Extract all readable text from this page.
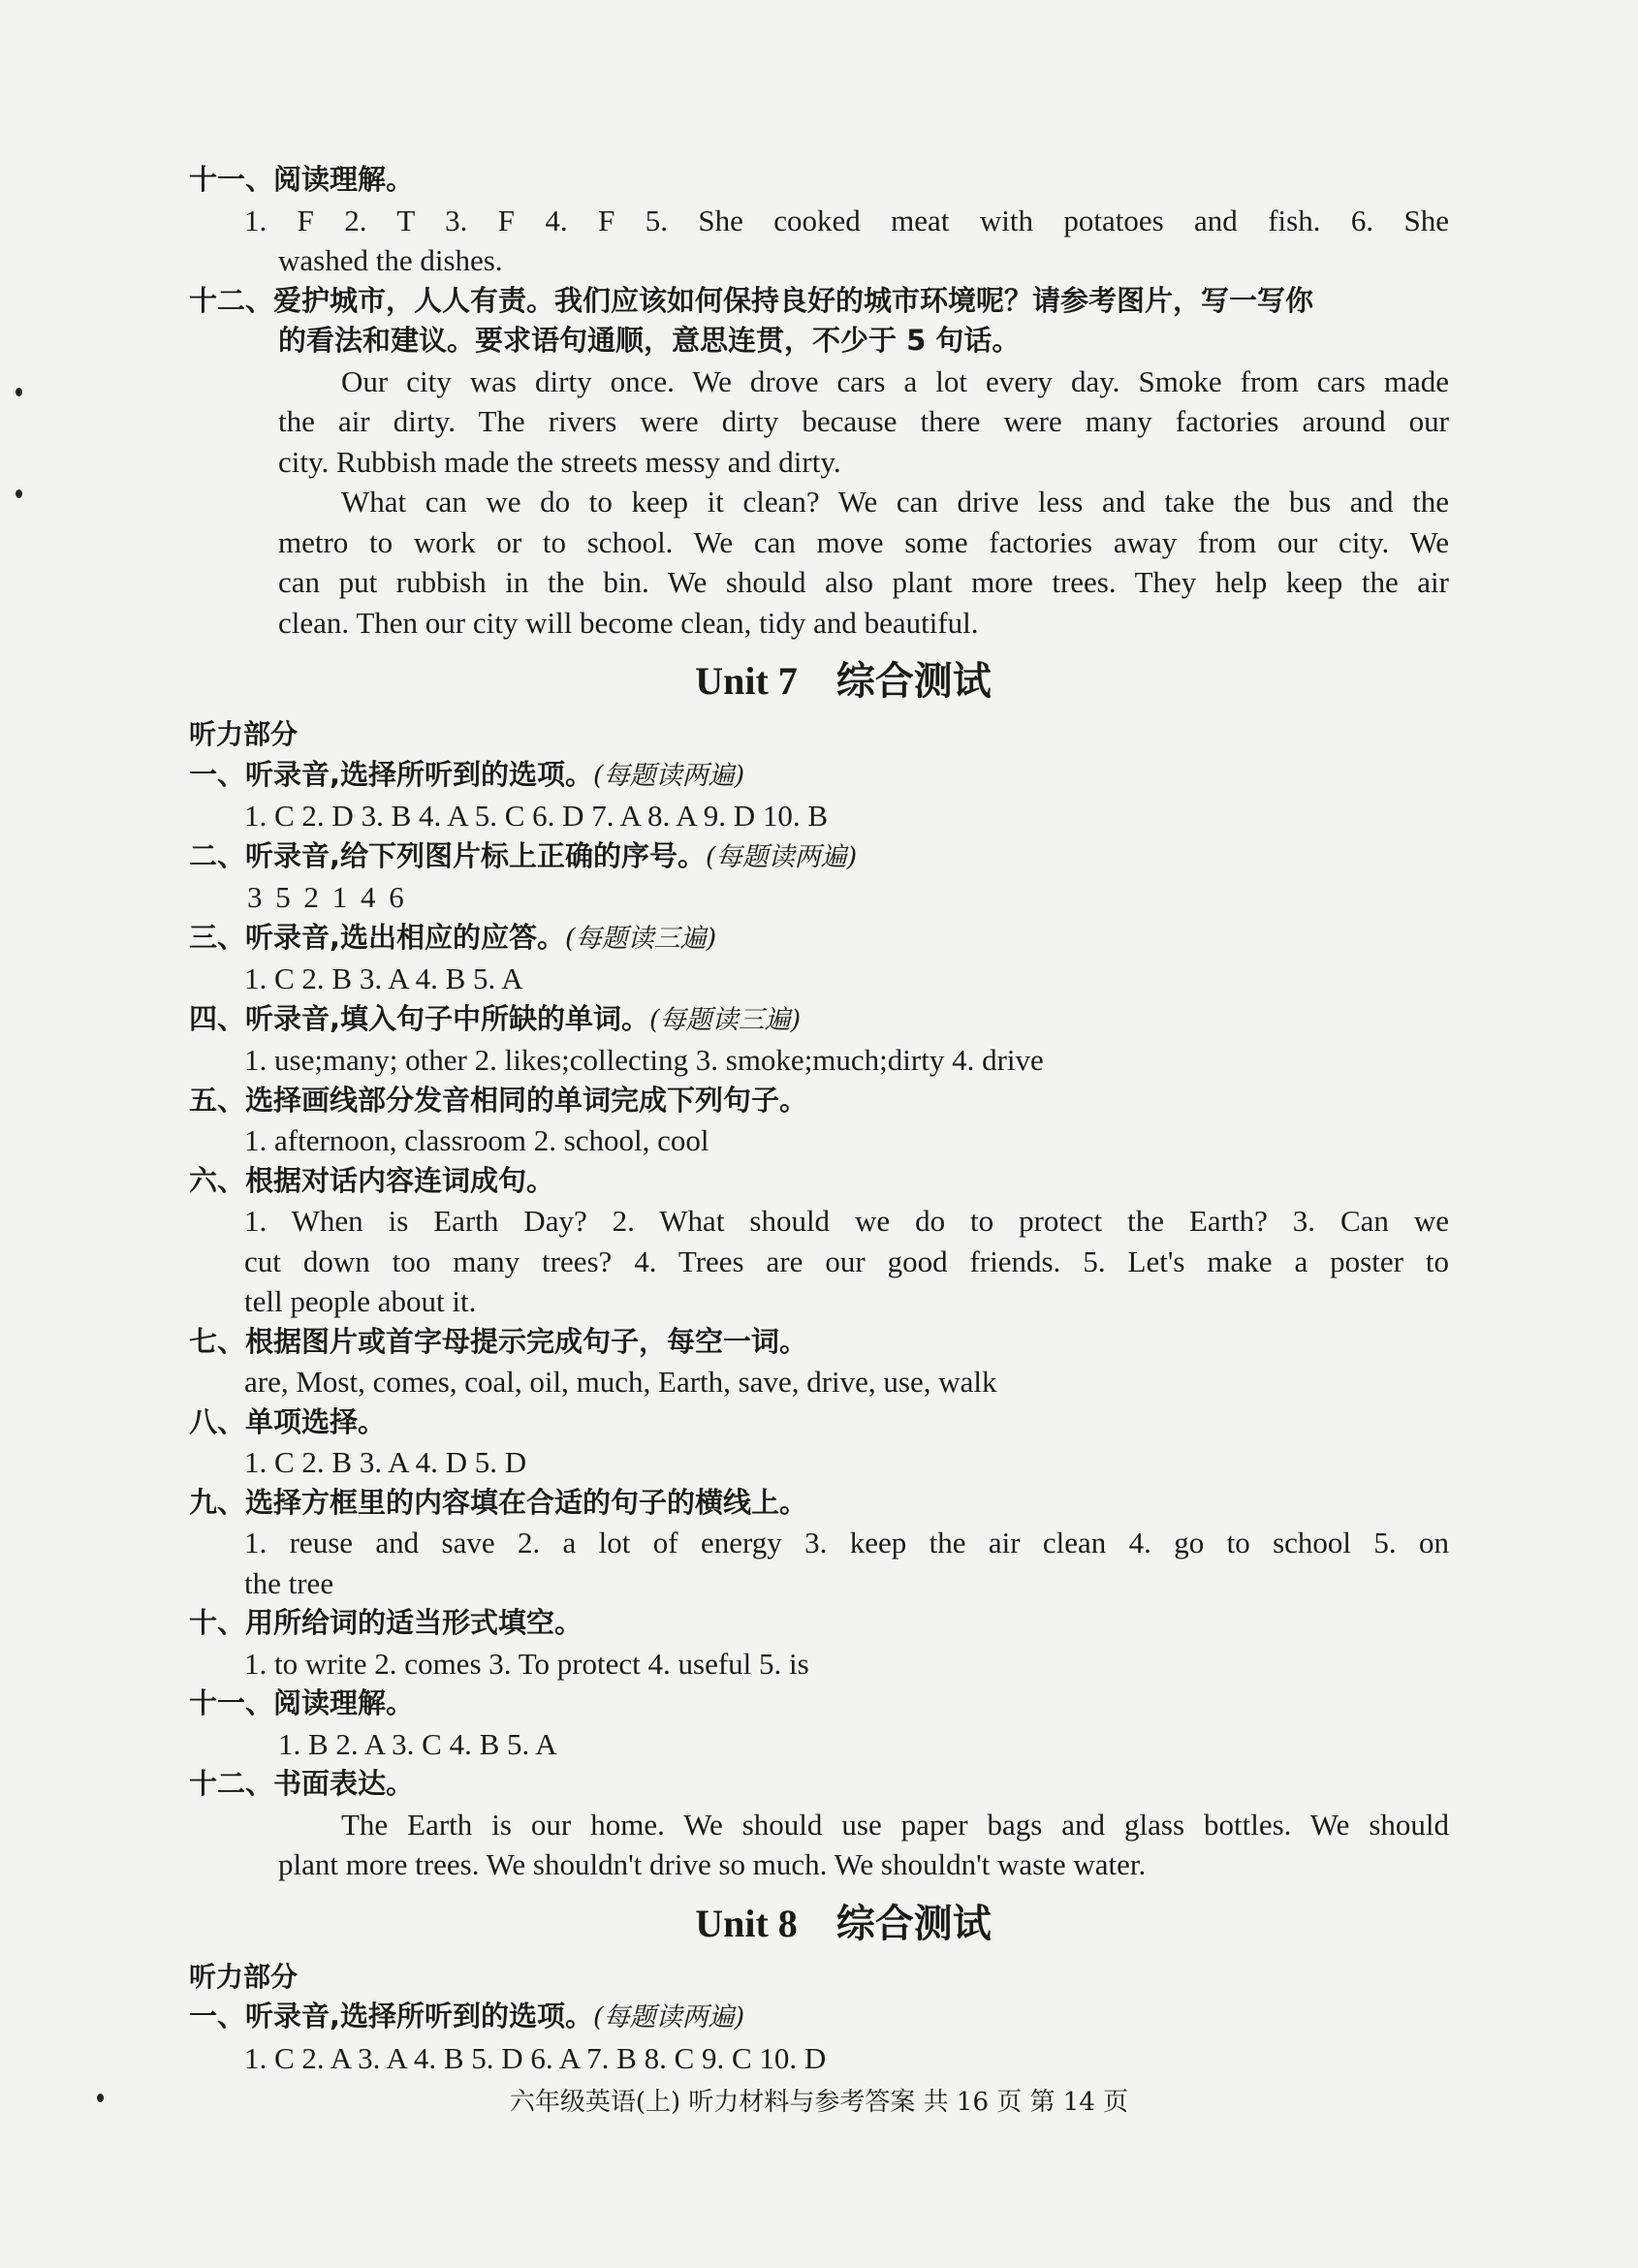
十一、阅读理解。
1. F 2. T 3. F 4. F 5. She cooked meat with potatoes and fish. 6. She
washed the dishes.
十二、爱护城市，人人有责。我们应该如何保持良好的城市环境呢？请参考图片，写一写你
的看法和建议。要求语句通顺，意思连贯，不少于 5 句话。
Our city was dirty once. We drove cars a lot every day. Smoke from cars made
the air dirty. The rivers were dirty because there were many factories around our
city. Rubbish made the streets messy and dirty.
What can we do to keep it clean? We can drive less and take the bus and the
metro to work or to school. We can move some factories away from our city. We
can put rubbish in the bin. We should also plant more trees. They help keep the air
clean. Then our city will become clean, tidy and beautiful.
Unit 7 综合测试
听力部分
一、听录音,选择所听到的选项。(每题读两遍)
1. C 2. D 3. B 4. A 5. C 6. D 7. A 8. A 9. D 10. B
二、听录音,给下列图片标上正确的序号。(每题读两遍)
3 5 2 1 4 6
三、听录音,选出相应的应答。(每题读三遍)
1. C 2. B 3. A 4. B 5. A
四、听录音,填入句子中所缺的单词。(每题读三遍)
1. use;many; other 2. likes;collecting 3. smoke;much;dirty 4. drive
五、选择画线部分发音相同的单词完成下列句子。
1. afternoon, classroom 2. school, cool
六、根据对话内容连词成句。
1. When is Earth Day? 2. What should we do to protect the Earth? 3. Can we
cut down too many trees? 4. Trees are our good friends. 5. Let's make a poster to
tell people about it.
七、根据图片或首字母提示完成句子，每空一词。
are, Most, comes, coal, oil, much, Earth, save, drive, use, walk
八、单项选择。
1. C 2. B 3. A 4. D 5. D
九、选择方框里的内容填在合适的句子的横线上。
1. reuse and save 2. a lot of energy 3. keep the air clean 4. go to school 5. on
the tree
十、用所给词的适当形式填空。
1. to write 2. comes 3. To protect 4. useful 5. is
十一、阅读理解。
1. B 2. A 3. C 4. B 5. A
十二、书面表达。
The Earth is our home. We should use paper bags and glass bottles. We should
plant more trees. We shouldn't drive so much. We shouldn't waste water.
Unit 8 综合测试
听力部分
一、听录音,选择所听到的选项。(每题读两遍)
1. C 2. A 3. A 4. B 5. D 6. A 7. B 8. C 9. C 10. D
六年级英语(上) 听力材料与参考答案 共 16 页 第 14 页
